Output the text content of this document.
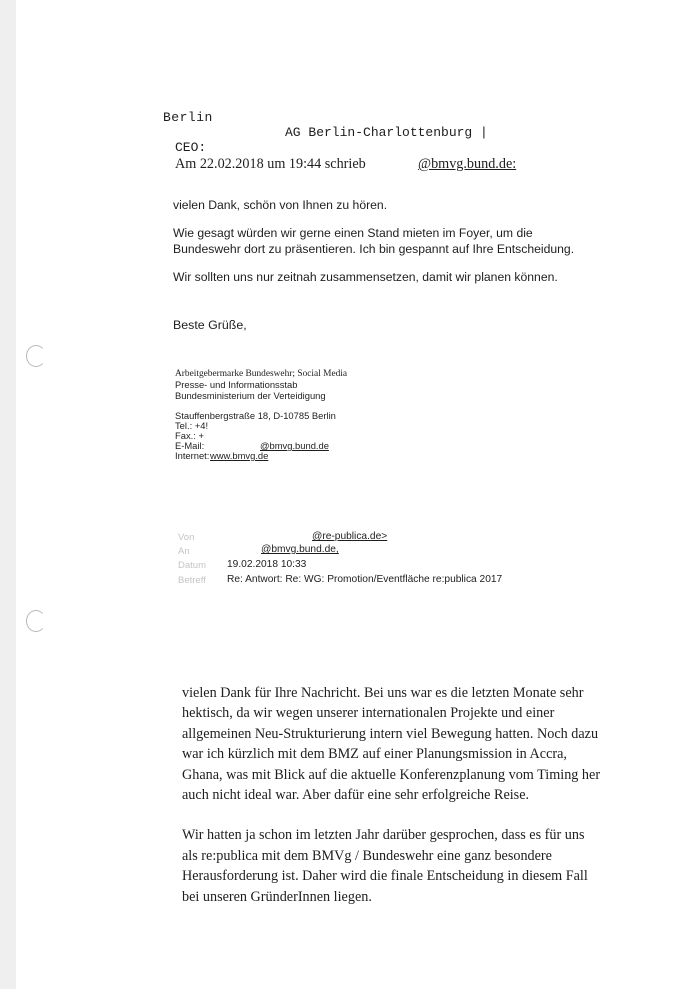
Berlin
AG Berlin-Charlottenburg |
CEO:
Am 22.02.2018 um 19:44 schrieb	@bmvg.bund.de:

vielen Dank, schön von Ihnen zu hören.

Wie gesagt würden wir gerne einen Stand mieten im Foyer, um die Bundeswehr dort zu präsentieren. Ich bin gespannt auf Ihre Entscheidung.

Wir sollten uns nur zeitnah zusammensetzen, damit wir planen können.

Beste Grüße,
Arbeitgebermarke Bundeswehr; Social Media
Presse- und Informationsstab
Bundesministerium der Verteidigung
Stauffenbergstraße 18, D-10785 Berlin
Tel.: +4!
Fax.: +
E-Mail:	@bmvg.bund.de
Internet: www.bmvg.de
Von	@re-publica.de>
An	@bmvg.bund.de,
Datum 19.02.2018 10:33
Betreff Re: Antwort: Re: WG: Promotion/Eventfläche re:publica 2017

vielen Dank für Ihre Nachricht. Bei uns war es die letzten Monate sehr hektisch, da wir wegen unserer internationalen Projekte und einer allgemeinen Neu-Strukturierung intern viel Bewegung hatten. Noch dazu war ich kürzlich mit dem BMZ auf einer Planungsmission in Accra, Ghana, was mit Blick auf die aktuelle Konferenzplanung vom Timing her auch nicht ideal war. Aber dafür eine sehr erfolgreiche Reise.

Wir hatten ja schon im letzten Jahr darüber gesprochen, dass es für uns als re:publica mit dem BMVg / Bundeswehr eine ganz besondere Herausforderung ist. Daher wird die finale Entscheidung in diesem Fall bei unseren GründerInnen liegen.
